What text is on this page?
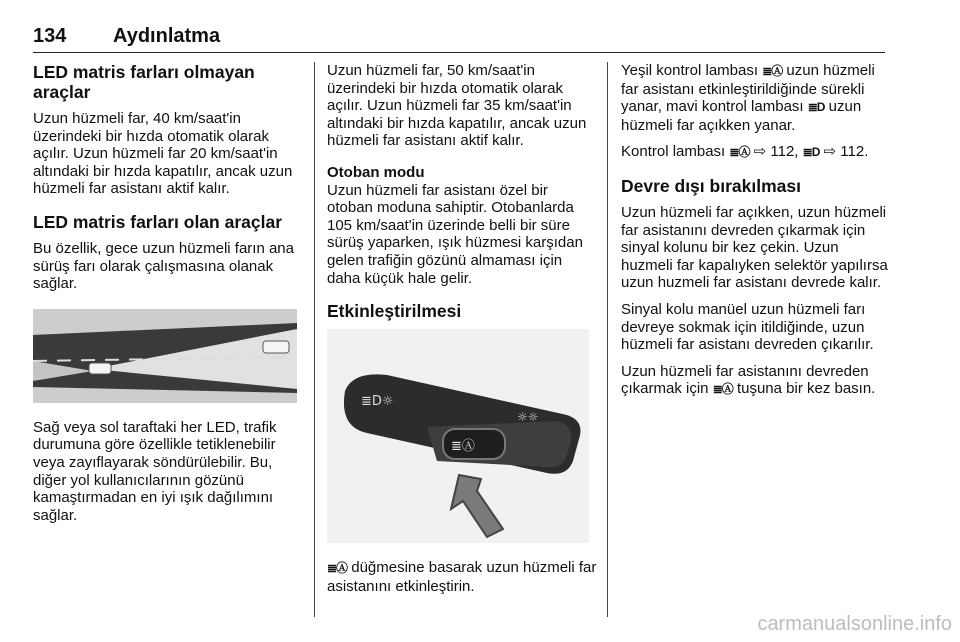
134	Aydınlatma
LED matris farları olmayan araçlar

Uzun hüzmeli far, 40 km/saat'in üzerindeki bir hızda otomatik olarak açılır. Uzun hüzmeli far 20 km/saat'in altındaki bir hızda kapatılır, ancak uzun hüzmeli far asistanı aktif kalır.

LED matris farları olan araçlar

Bu özellik, gece uzun hüzmeli farın ana sürüş farı olarak çalışmasına olanak sağlar.

Sağ veya sol taraftaki her LED, trafik durumuna göre özellikle tetiklenebilir veya zayıflayarak söndürülebilir. Bu, diğer yol kullanıcılarının gözünü kamaştırmadan en iyi ışık dağılımını sağlar.

Uzun hüzmeli far, 50 km/saat'in üzerindeki bir hızda otomatik olarak açılır. Uzun hüzmeli far 35 km/saat'in altındaki bir hızda kapatılır, ancak uzun hüzmeli far asistanı aktif kalır.

Otoban modu

Uzun hüzmeli far asistanı özel bir otoban moduna sahiptir. Otobanlarda 105 km/saat'in üzerinde belli bir süre sürüş yaparken, ışık hüzmesi karşıdan gelen trafiğin gözünü almaması için daha küçük hale gelir.

Etkinleştirilmesi
≣Ⓐ
≣D☼
☼☼

≣Ⓐ düğmesine basarak uzun hüzmeli far asistanını etkinleştirin.

Yeşil kontrol lambası ≣Ⓐ uzun hüzmeli far asistanı etkinleştirildiğinde sürekli yanar, mavi kontrol lambası ≣D uzun hüzmeli far açıkken yanar.

Kontrol lambası ≣Ⓐ ⇨ 112, ≣D ⇨ 112.

Devre dışı bırakılması

Uzun hüzmeli far açıkken, uzun hüzmeli far asistanını devreden çıkarmak için sinyal kolunu bir kez çekin. Uzun huzmeli far kapalıyken selektör yapılırsa uzun huzmeli far asistanı devrede kalır.

Sinyal kolu manüel uzun hüzmeli farı devreye sokmak için itildiğinde, uzun hüzmeli far asistanı devreden çıkarılır.

Uzun hüzmeli far asistanını devreden çıkarmak için ≣Ⓐ tuşuna bir kez basın.

carmanualsonline.info
